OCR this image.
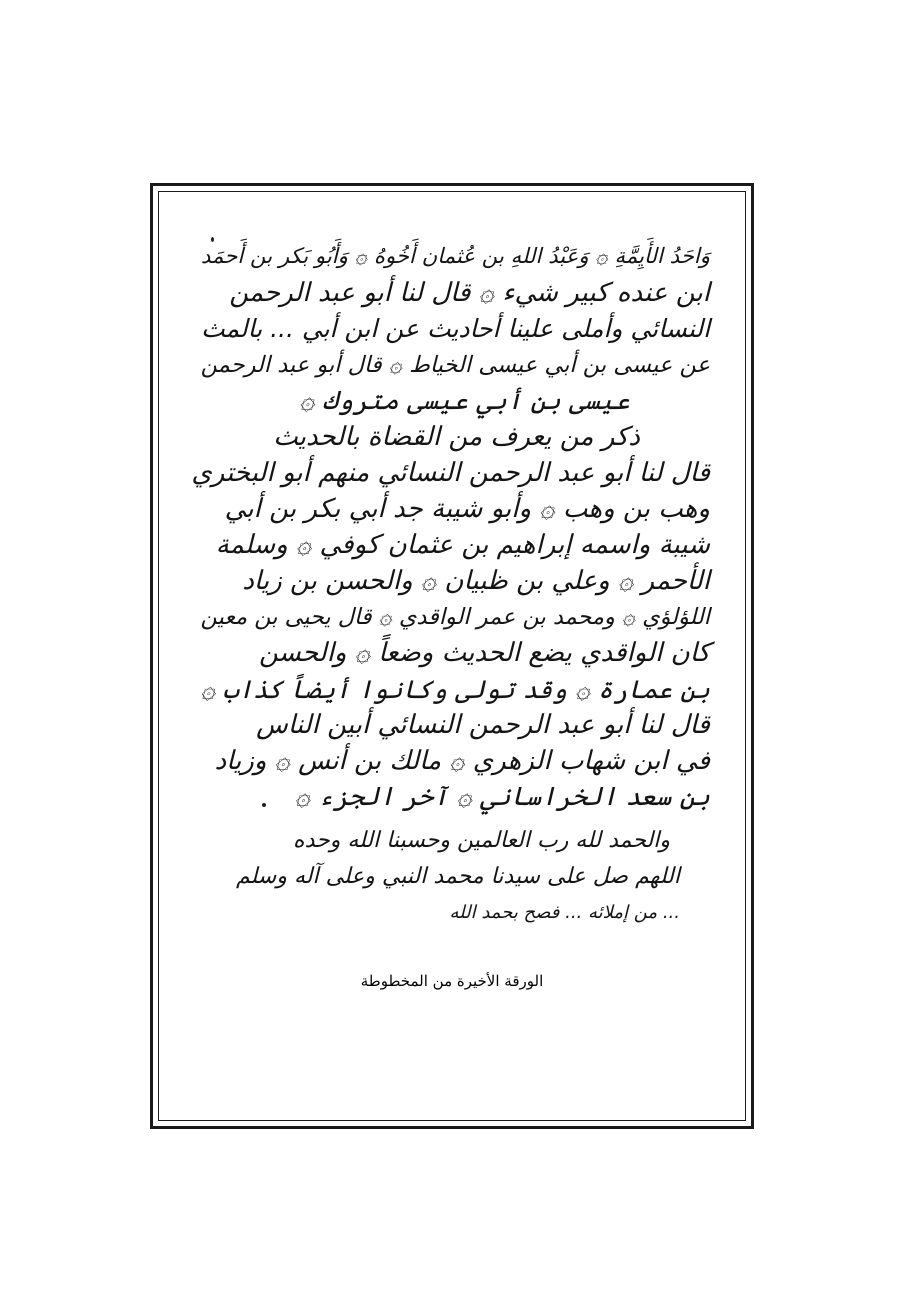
وَاحَدُ الأَيِمَّةِ ۞ وَعَبْدُ اللهِ بن عُثمان أَخُوهُ ۞ وَأَبُو بَكر بن أَحمَد
ابن عنده كبير شيء ۞ قال لنا أبو عبد الرحمن
النسائي وأملى علينا أحاديث عن ابن أبي ... بالمث
عن عيسى بن أبي عيسى الخياط ۞ قال أبو عبد الرحمن
عيسى بن أبي عيسى متروك ۞
ذكر من يعرف من القضاة بالحديث
قال لنا أبو عبد الرحمن النسائي منهم أبو البختري
وهب بن وهب ۞ وأبو شيبة جد أبي بكر بن أبي
شيبة واسمه إبراهيم بن عثمان كوفي ۞ وسلمة
الأحمر ۞ وعلي بن ظبيان ۞ والحسن بن زياد
اللؤلؤي ۞ ومحمد بن عمر الواقدي ۞ قال يحيى بن معين
كان الواقدي يضع الحديث وضعاً ۞ والحسن
بن عمارة ۞ وقد تولى وكانوا أيضاً كذاب ۞
قال لنا أبو عبد الرحمن النسائي أبين الناس
في ابن شهاب الزهري ۞ مالك بن أنس ۞ وزياد
بن سعد الخراساني ۞ آخر الجزء ۞
والحمد لله رب العالمين وحسبنا الله وحده
اللهم صل على سيدنا محمد النبي وعلى آله وسلم
... من إملائه ... فصح بحمد الله
الورقة الأخيرة من المخطوطة
